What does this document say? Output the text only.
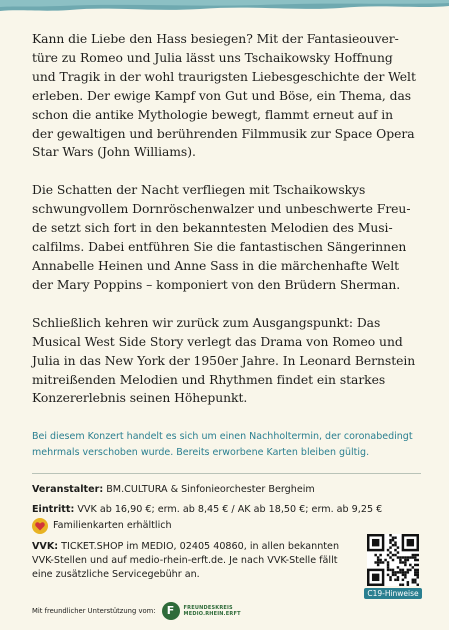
Kann die Liebe den Hass besiegen? Mit der Fantasieouver-
türe zu Romeo und Julia lässt uns Tschaikowsky Hoffnung
und Tragik in der wohl traurigsten Liebesgeschichte der Welt
erleben. Der ewige Kampf von Gut und Böse, ein Thema, das
schon die antike Mythologie bewegt, flammt erneut auf in
der gewaltigen und berührenden Filmmusik zur Space Opera
Star Wars (John Williams).

Die Schatten der Nacht verfliegen mit Tschaikowskys
schwungvollem Dornröschenwalzer und unbeschwerte Freu-
de setzt sich fort in den bekanntesten Melodien des Musi-
calfilms. Dabei entführen Sie die fantastischen Sängerinnen
Annabelle Heinen und Anne Sass in die märchenhafte Welt
der Mary Poppins – komponiert von den Brüdern Sherman.

Schließlich kehren wir zurück zum Ausgangspunkt: Das
Musical West Side Story verlegt das Drama von Romeo und
Julia in das New York der 1950er Jahre. In Leonard Bernstein
mitreißenden Melodien und Rhythmen findet ein starkes
Konzererlebnis seinen Höhepunkt.

Bei diesem Konzert handelt es sich um einen Nachholtermin, der coronabedingt
mehrmals verschoben wurde. Bereits erworbene Karten bleiben gültig.

Veranstalter: BM.CULTURA & Sinfonieorchester Bergheim
Eintritt: VVK ab 16,90 €; erm. ab 8,45 € / AK ab 18,50 €; erm. ab 9,25 €
Familienkarten erhältlich
VVK: TICKET.SHOP im MEDIO, 02405 40860, in allen bekannten
VVK-Stellen und auf medio-rhein-erft.de. Je nach VVK-Stelle fällt
eine zusätzliche Servicegebühr an.
C19-Hinweise
Mit freundlicher Unterstützung vom: F FREUNDESKREIS
MEDIO.RHEIN.ERFT
